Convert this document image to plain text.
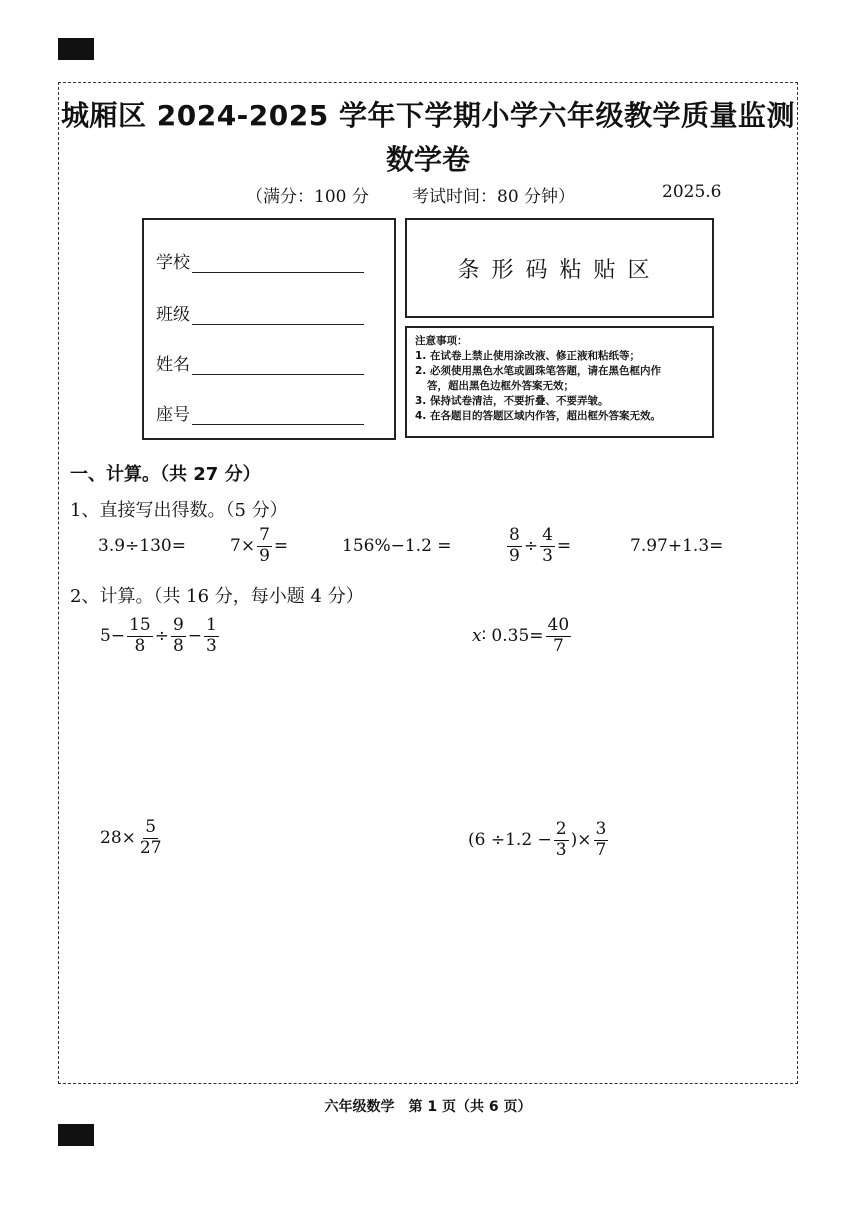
城厢区 2024-2025 学年下学期小学六年级教学质量监测
数学卷
（满分：100 分	考试时间：80 分钟）	2025.6
学校
班级
姓名
座号
条形码粘贴区
注意事项：
1. 在试卷上禁止使用涂改液、修正液和粘纸等；
2. 必须使用黑色水笔或圆珠笔答题，请在黑色框内作
答，超出黑色边框外答案无效；
3. 保持试卷清洁，不要折叠、不要弄皱。
4. 在各题目的答题区域内作答，超出框外答案无效。
一、计算。（共 27 分）
1、直接写出得数。（5 分）
3.9÷130=	$7\times \frac{7}{9}$ =	156%−1.2 =	$\frac{8}{9} \div \frac{4}{3}$ =	7.97+1.3=
2、计算。（共 16 分，每小题 4 分）
$5- \frac{15}{8} \div \frac{9}{8} - \frac{1}{3}$	x ∶ $0.35= \frac{40}{7}$
$28\times \frac{5}{27}$	($6 \div 1.2 - \frac{2}{3}$ )× $\frac{3}{7}$
六年级数学　第 1 页（共 6 页）
